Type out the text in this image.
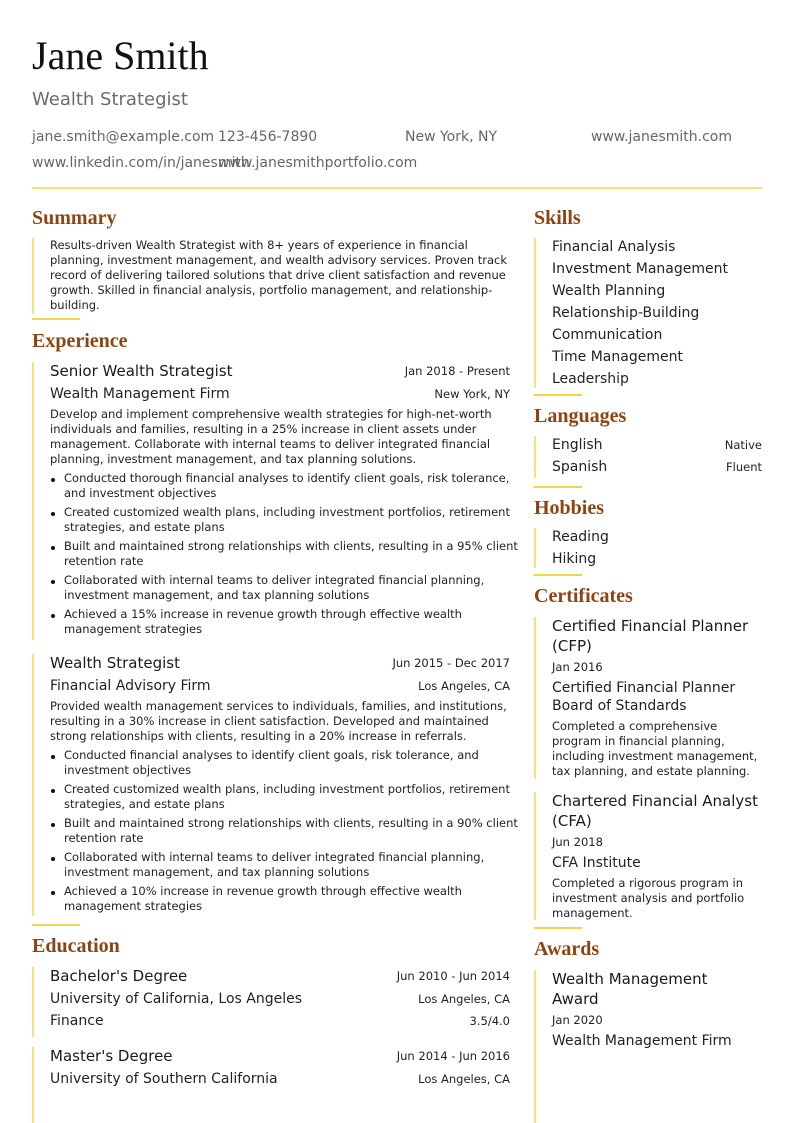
Jane Smith
Wealth Strategist
jane.smith@example.com 123-456-7890	New York, NY	www.janesmith.com
www.linkedin.com/in/janesmith
www.janesmithportfolio.com
Summary
Results-driven Wealth Strategist with 8+ years of experience in financial
planning, investment management, and wealth advisory services. Proven track
record of delivering tailored solutions that drive client satisfaction and revenue
growth. Skilled in financial analysis, portfolio management, and relationship-
building.
Experience
Senior Wealth Strategist	Jan 2018 - Present
Wealth Management Firm	New York, NY
Develop and implement comprehensive wealth strategies for high-net-worth
individuals and families, resulting in a 25% increase in client assets under
management. Collaborate with internal teams to deliver integrated financial
planning, investment management, and tax planning solutions.
Conducted thorough financial analyses to identify client goals, risk tolerance,
and investment objectives
Created customized wealth plans, including investment portfolios, retirement
strategies, and estate plans
Built and maintained strong relationships with clients, resulting in a 95% client
retention rate
Collaborated with internal teams to deliver integrated financial planning,
investment management, and tax planning solutions
Achieved a 15% increase in revenue growth through effective wealth
management strategies
Wealth Strategist	Jun 2015 - Dec 2017
Financial Advisory Firm	Los Angeles, CA
Provided wealth management services to individuals, families, and institutions,
resulting in a 30% increase in client satisfaction. Developed and maintained
strong relationships with clients, resulting in a 20% increase in referrals.
Conducted financial analyses to identify client goals, risk tolerance, and
investment objectives
Created customized wealth plans, including investment portfolios, retirement
strategies, and estate plans
Built and maintained strong relationships with clients, resulting in a 90% client
retention rate
Collaborated with internal teams to deliver integrated financial planning,
investment management, and tax planning solutions
Achieved a 10% increase in revenue growth through effective wealth
management strategies
Education
Bachelor's Degree	Jun 2010 - Jun 2014
University of California, Los Angeles	Los Angeles, CA
Finance	3.5/4.0
Master's Degree	Jun 2014 - Jun 2016
University of Southern California	Los Angeles, CA
Skills
Financial Analysis
Investment Management
Wealth Planning
Relationship-Building
Communication
Time Management
Leadership
Languages
English	Native
Spanish	Fluent
Hobbies
Reading
Hiking
Certificates
Certified Financial Planner
(CFP)
Jan 2016
Certified Financial Planner
Board of Standards
Completed a comprehensive
program in financial planning,
including investment management,
tax planning, and estate planning.
Chartered Financial Analyst
(CFA)
Jun 2018
CFA Institute
Completed a rigorous program in
investment analysis and portfolio
management.
Awards
Wealth Management
Award
Jan 2020
Wealth Management Firm
